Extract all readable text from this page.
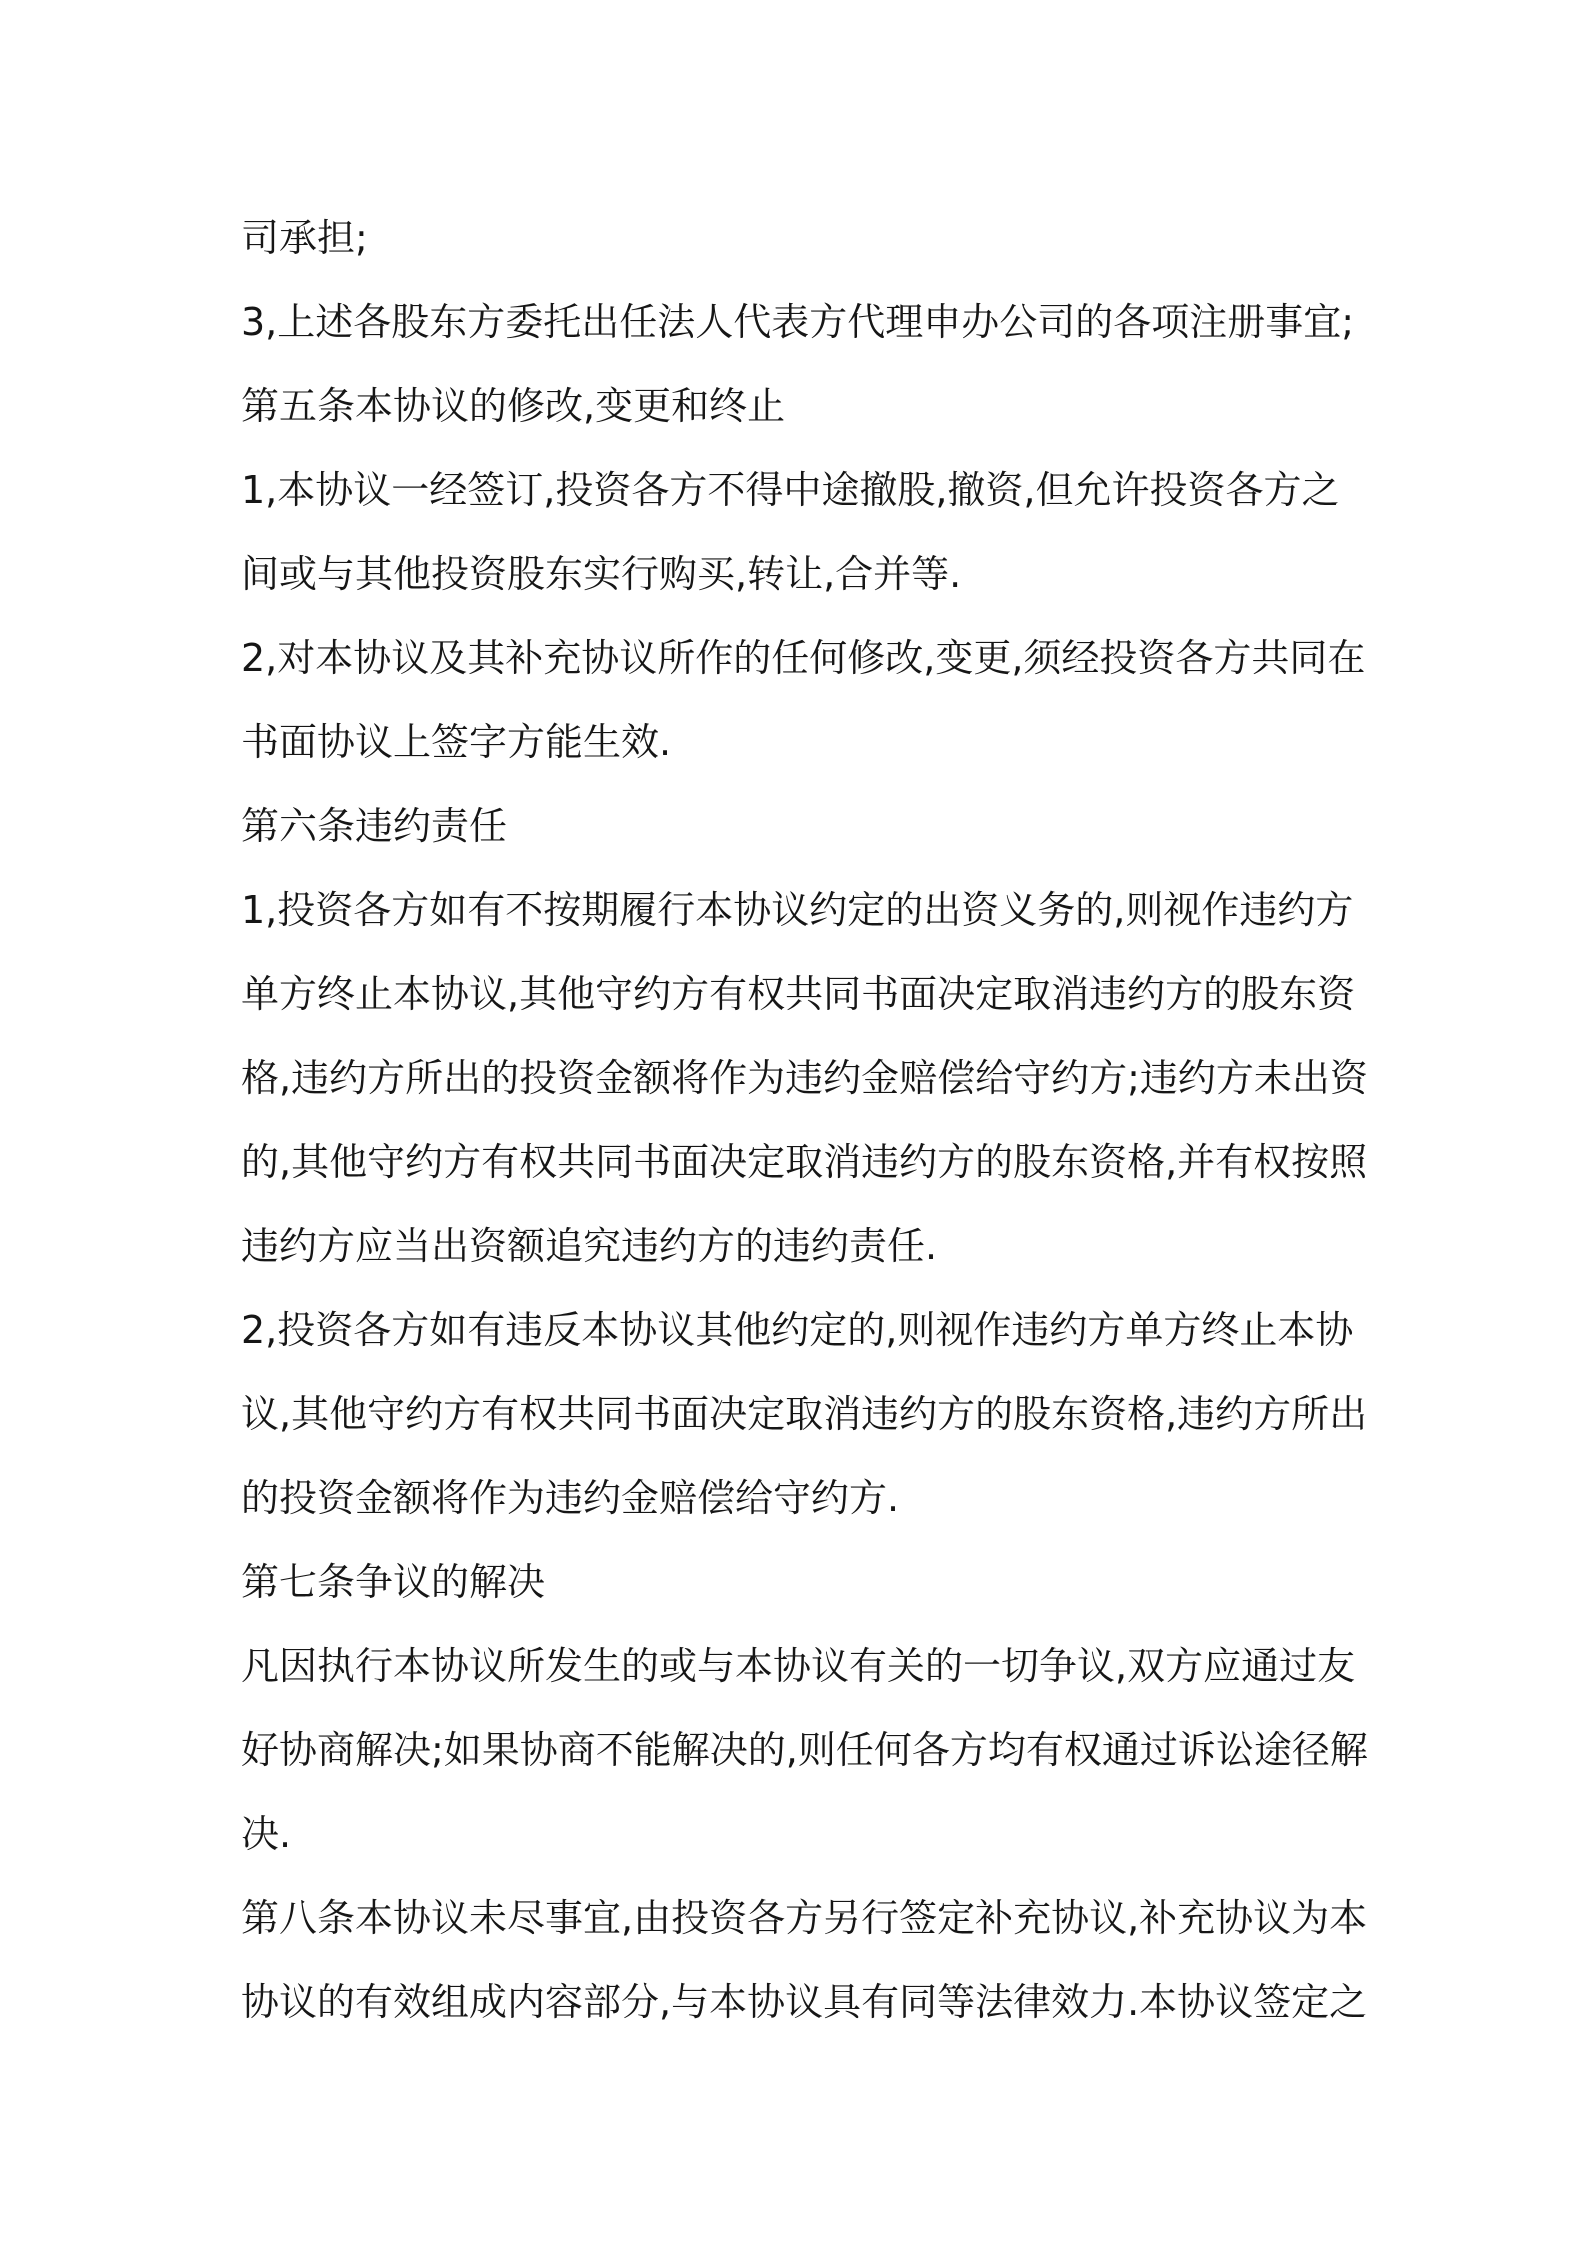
司承担;
3,上述各股东方委托出任法人代表方代理申办公司的各项注册事宜;
第五条本协议的修改,变更和终止
1,本协议一经签订,投资各方不得中途撤股,撤资,但允许投资各方之
间或与其他投资股东实行购买,转让,合并等.
2,对本协议及其补充协议所作的任何修改,变更,须经投资各方共同在
书面协议上签字方能生效.
第六条违约责任
1,投资各方如有不按期履行本协议约定的出资义务的,则视作违约方
单方终止本协议,其他守约方有权共同书面决定取消违约方的股东资
格,违约方所出的投资金额将作为违约金赔偿给守约方;违约方未出资
的,其他守约方有权共同书面决定取消违约方的股东资格,并有权按照
违约方应当出资额追究违约方的违约责任.
2,投资各方如有违反本协议其他约定的,则视作违约方单方终止本协
议,其他守约方有权共同书面决定取消违约方的股东资格,违约方所出
的投资金额将作为违约金赔偿给守约方.
第七条争议的解决
凡因执行本协议所发生的或与本协议有关的一切争议,双方应通过友
好协商解决;如果协商不能解决的,则任何各方均有权通过诉讼途径解
决.
第八条本协议未尽事宜,由投资各方另行签定补充协议,补充协议为本
协议的有效组成内容部分,与本协议具有同等法律效力.本协议签定之
